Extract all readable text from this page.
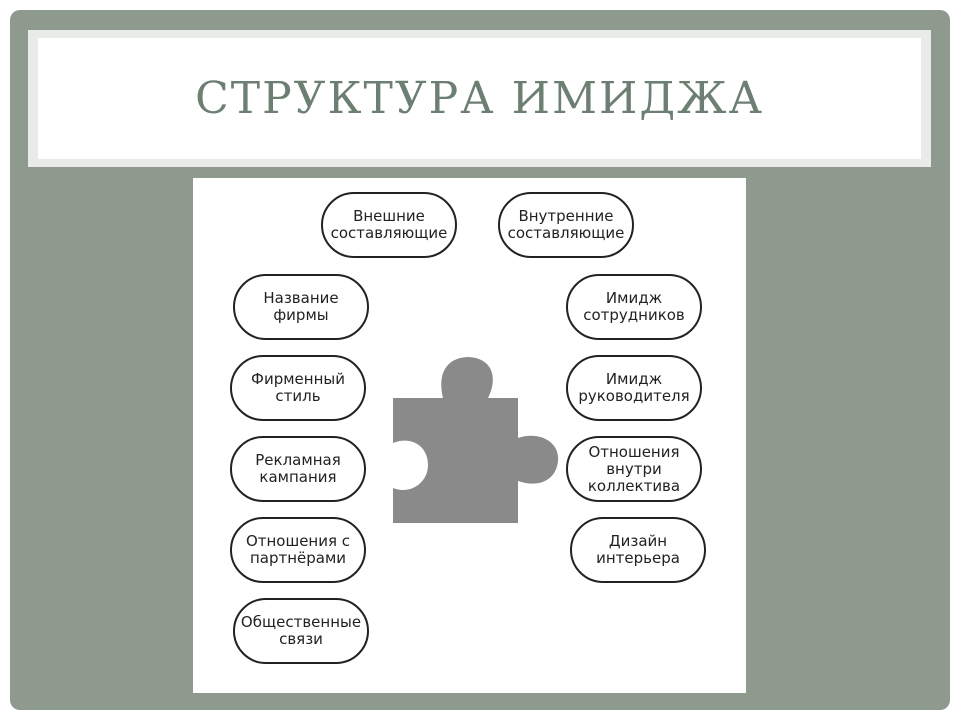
СТРУКТУРА ИМИДЖА
Внешние
составляющие
Внутренние
составляющие
Название
фирмы
Фирменный
стиль
Рекламная
кампания
Отношения с
партнёрами
Общественные
связи
Имидж
сотрудников
Имидж
руководителя
Отношения
внутри
коллектива
Дизайн
интерьера
